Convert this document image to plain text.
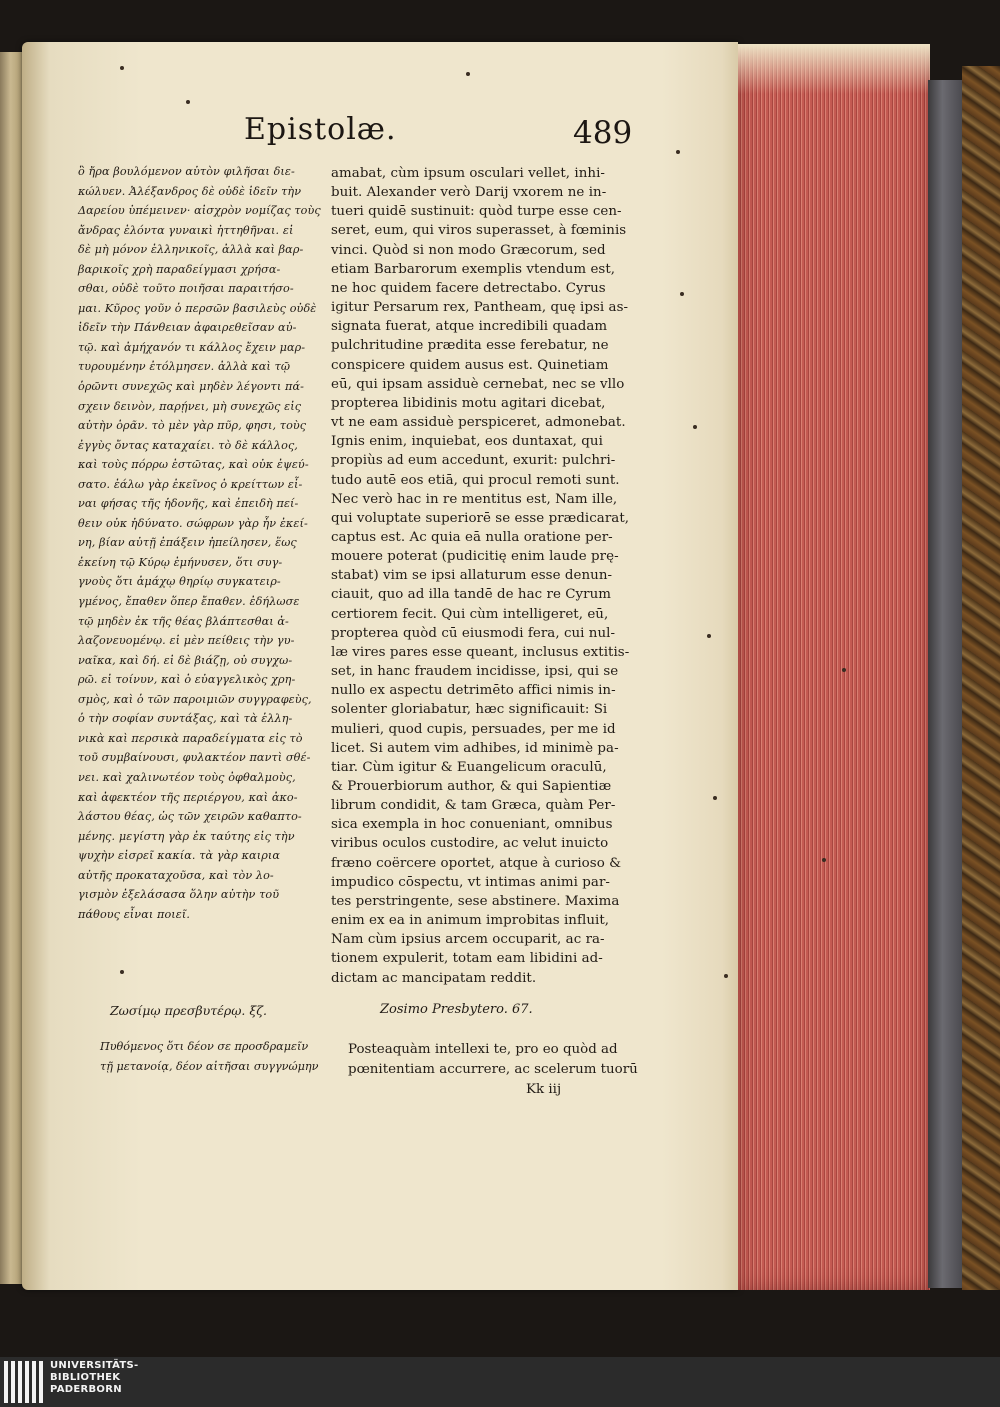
Epistolæ.	489
ὃ ἤρα βουλόμενον αὐτὸν φιλῆσαι διε-
κώλυεν. Ἀλέξανδρος δὲ οὐδὲ ἰδεῖν τὴν
Δαρείου ὑπέμεινεν· αἰσχρὸν νομίζας τοὺς
ἄνδρας ἑλόντα γυναικὶ ἡττηθῆναι. εἰ
δὲ μὴ μόνον ἑλληνικοῖς, ἀλλὰ καὶ βαρ-
βαρικοῖς χρὴ παραδείγμασι χρήσα-
σθαι, οὐδὲ τοῦτο ποιῆσαι παραιτήσο-
μαι. Κῦρος γοῦν ὁ περσῶν βασιλεὺς οὐδὲ
ἰδεῖν τὴν Πάνθειαν ἀφαιρεθεῖσαν αὐ-
τῷ. καὶ ἀμήχανόν τι κάλλος ἔχειν μαρ-
τυρουμένην ἐτόλμησεν. ἀλλὰ καὶ τῷ
ὁρῶντι συνεχῶς καὶ μηδὲν λέγοντι πά-
σχειν δεινὸν, παρῄνει, μὴ συνεχῶς εἰς
αὐτὴν ὁρᾶν. τὸ μὲν γὰρ πῦρ, φησι, τοὺς
ἐγγὺς ὄντας καταχαίει. τὸ δὲ κάλλος,
καὶ τοὺς πόρρω ἑστῶτας, καὶ οὐκ ἐψεύ-
σατο. ἑάλω γὰρ ἐκεῖνος ὁ κρείττων εἶ-
ναι φήσας τῆς ἡδονῆς, καὶ ἐπειδὴ πεί-
θειν οὐκ ἠδύνατο. σώφρων γὰρ ἦν ἐκεί-
νη, βίαν αὐτῇ ἐπάξειν ἠπείλησεν, ἕως
ἐκείνη τῷ Κύρῳ ἐμήνυσεν, ὅτι συγ-
γνοὺς ὅτι ἀμάχῳ θηρίῳ συγκατειρ-
γμένος, ἔπαθεν ὅπερ ἔπαθεν. ἐδήλωσε
τῷ μηδὲν ἐκ τῆς θέας βλάπτεσθαι ἀ-
λαζονευομένῳ. εἰ μὲν πείθεις τὴν γυ-
ναῖκα, καὶ δή. εἰ δὲ βιάζῃ, οὐ συγχω-
ρῶ. εἰ τοίνυν, καὶ ὁ εὐαγγελικὸς χρη-
σμὸς, καὶ ὁ τῶν παροιμιῶν συγγραφεὺς,
ὁ τὴν σοφίαν συντάξας, καὶ τὰ ἑλλη-
νικὰ καὶ περσικὰ παραδείγματα εἰς τὸ
τοῦ συμβαίνουσι, φυλακτέον παντὶ σθέ-
νει. καὶ χαλινωτέον τοὺς ὀφθαλμοὺς,
καὶ ἀφεκτέον τῆς περιέργου, καὶ ἀκο-
λάστου θέας, ὡς τῶν χειρῶν καθαπτο-
μένης. μεγίστη γὰρ ἐκ ταύτης εἰς τὴν
ψυχὴν εἰσρεῖ κακία. τὰ γὰρ καιρια
αὐτῆς προκαταχοῦσα, καὶ τὸν λο-
γισμὸν ἐξελάσασα ὅλην αὐτὴν τοῦ
πάθους εἶναι ποιεῖ.
amabat, cùm ipsum osculari vellet, inhi-
buit. Alexander verò Darij vxorem ne in-
tueri quidē sustinuit: quòd turpe esse cen-
seret, eum, qui viros superasset, à fœminis
vinci. Quòd si non modo Græcorum, sed
etiam Barbarorum exemplis vtendum est,
ne hoc quidem facere detrectabo. Cyrus
igitur Persarum rex, Pantheam, quę ipsi as-
signata fuerat, atque incredibili quadam
pulchritudine prædita esse ferebatur, ne
conspicere quidem ausus est. Quinetiam
eū, qui ipsam assiduè cernebat, nec se vllo
propterea libidinis motu agitari dicebat,
vt ne eam assiduè perspiceret, admonebat.
Ignis enim, inquiebat, eos duntaxat, qui
propiùs ad eum accedunt, exurit: pulchri-
tudo autē eos etiā, qui procul remoti sunt.
Nec verò hac in re mentitus est, Nam ille,
qui voluptate superiorē se esse prædicarat,
captus est. Ac quia eā nulla oratione per-
mouere poterat (pudicitię enim laude prę-
stabat) vim se ipsi allaturum esse denun-
ciauit, quo ad illa tandē de hac re Cyrum
certiorem fecit. Qui cùm intelligeret, eū,
propterea quòd cū eiusmodi fera, cui nul-
læ vires pares esse queant, inclusus extitis-
set, in hanc fraudem incidisse, ipsi, qui se
nullo ex aspectu detrimēto affici nimis in-
solenter gloriabatur, hæc significauit: Si
mulieri, quod cupis, persuades, per me id
licet. Si autem vim adhibes, id minimè pa-
tiar. Cùm igitur & Euangelicum oraculū,
& Prouerbiorum author, & qui Sapientiæ
librum condidit, & tam Græca, quàm Per-
sica exempla in hoc conueniant, omnibus
viribus oculos custodire, ac velut inuicto
fræno coërcere oportet, atque à curioso &
impudico cōspectu, vt intimas animi par-
tes perstringente, sese abstinere. Maxima
enim ex ea in animum improbitas influit,
Nam cùm ipsius arcem occuparit, ac ra-
tionem expulerit, totam eam libidini ad-
dictam ac mancipatam reddit.
Ζωσίμῳ πρεσβυτέρῳ. ξζ.	Zosimo Presbytero. 67.
Πυθόμενος ὅτι δέον σε προσδραμεῖν
τῇ μετανοίᾳ, δέον αἰτῆσαι συγγνώμην
Posteaquàm intellexi te, pro eo quòd ad
pœnitentiam accurrere, ac scelerum tuorū
Kk iij
UNIVERSITÄTS-
BIBLIOTHEK
PADERBORN
